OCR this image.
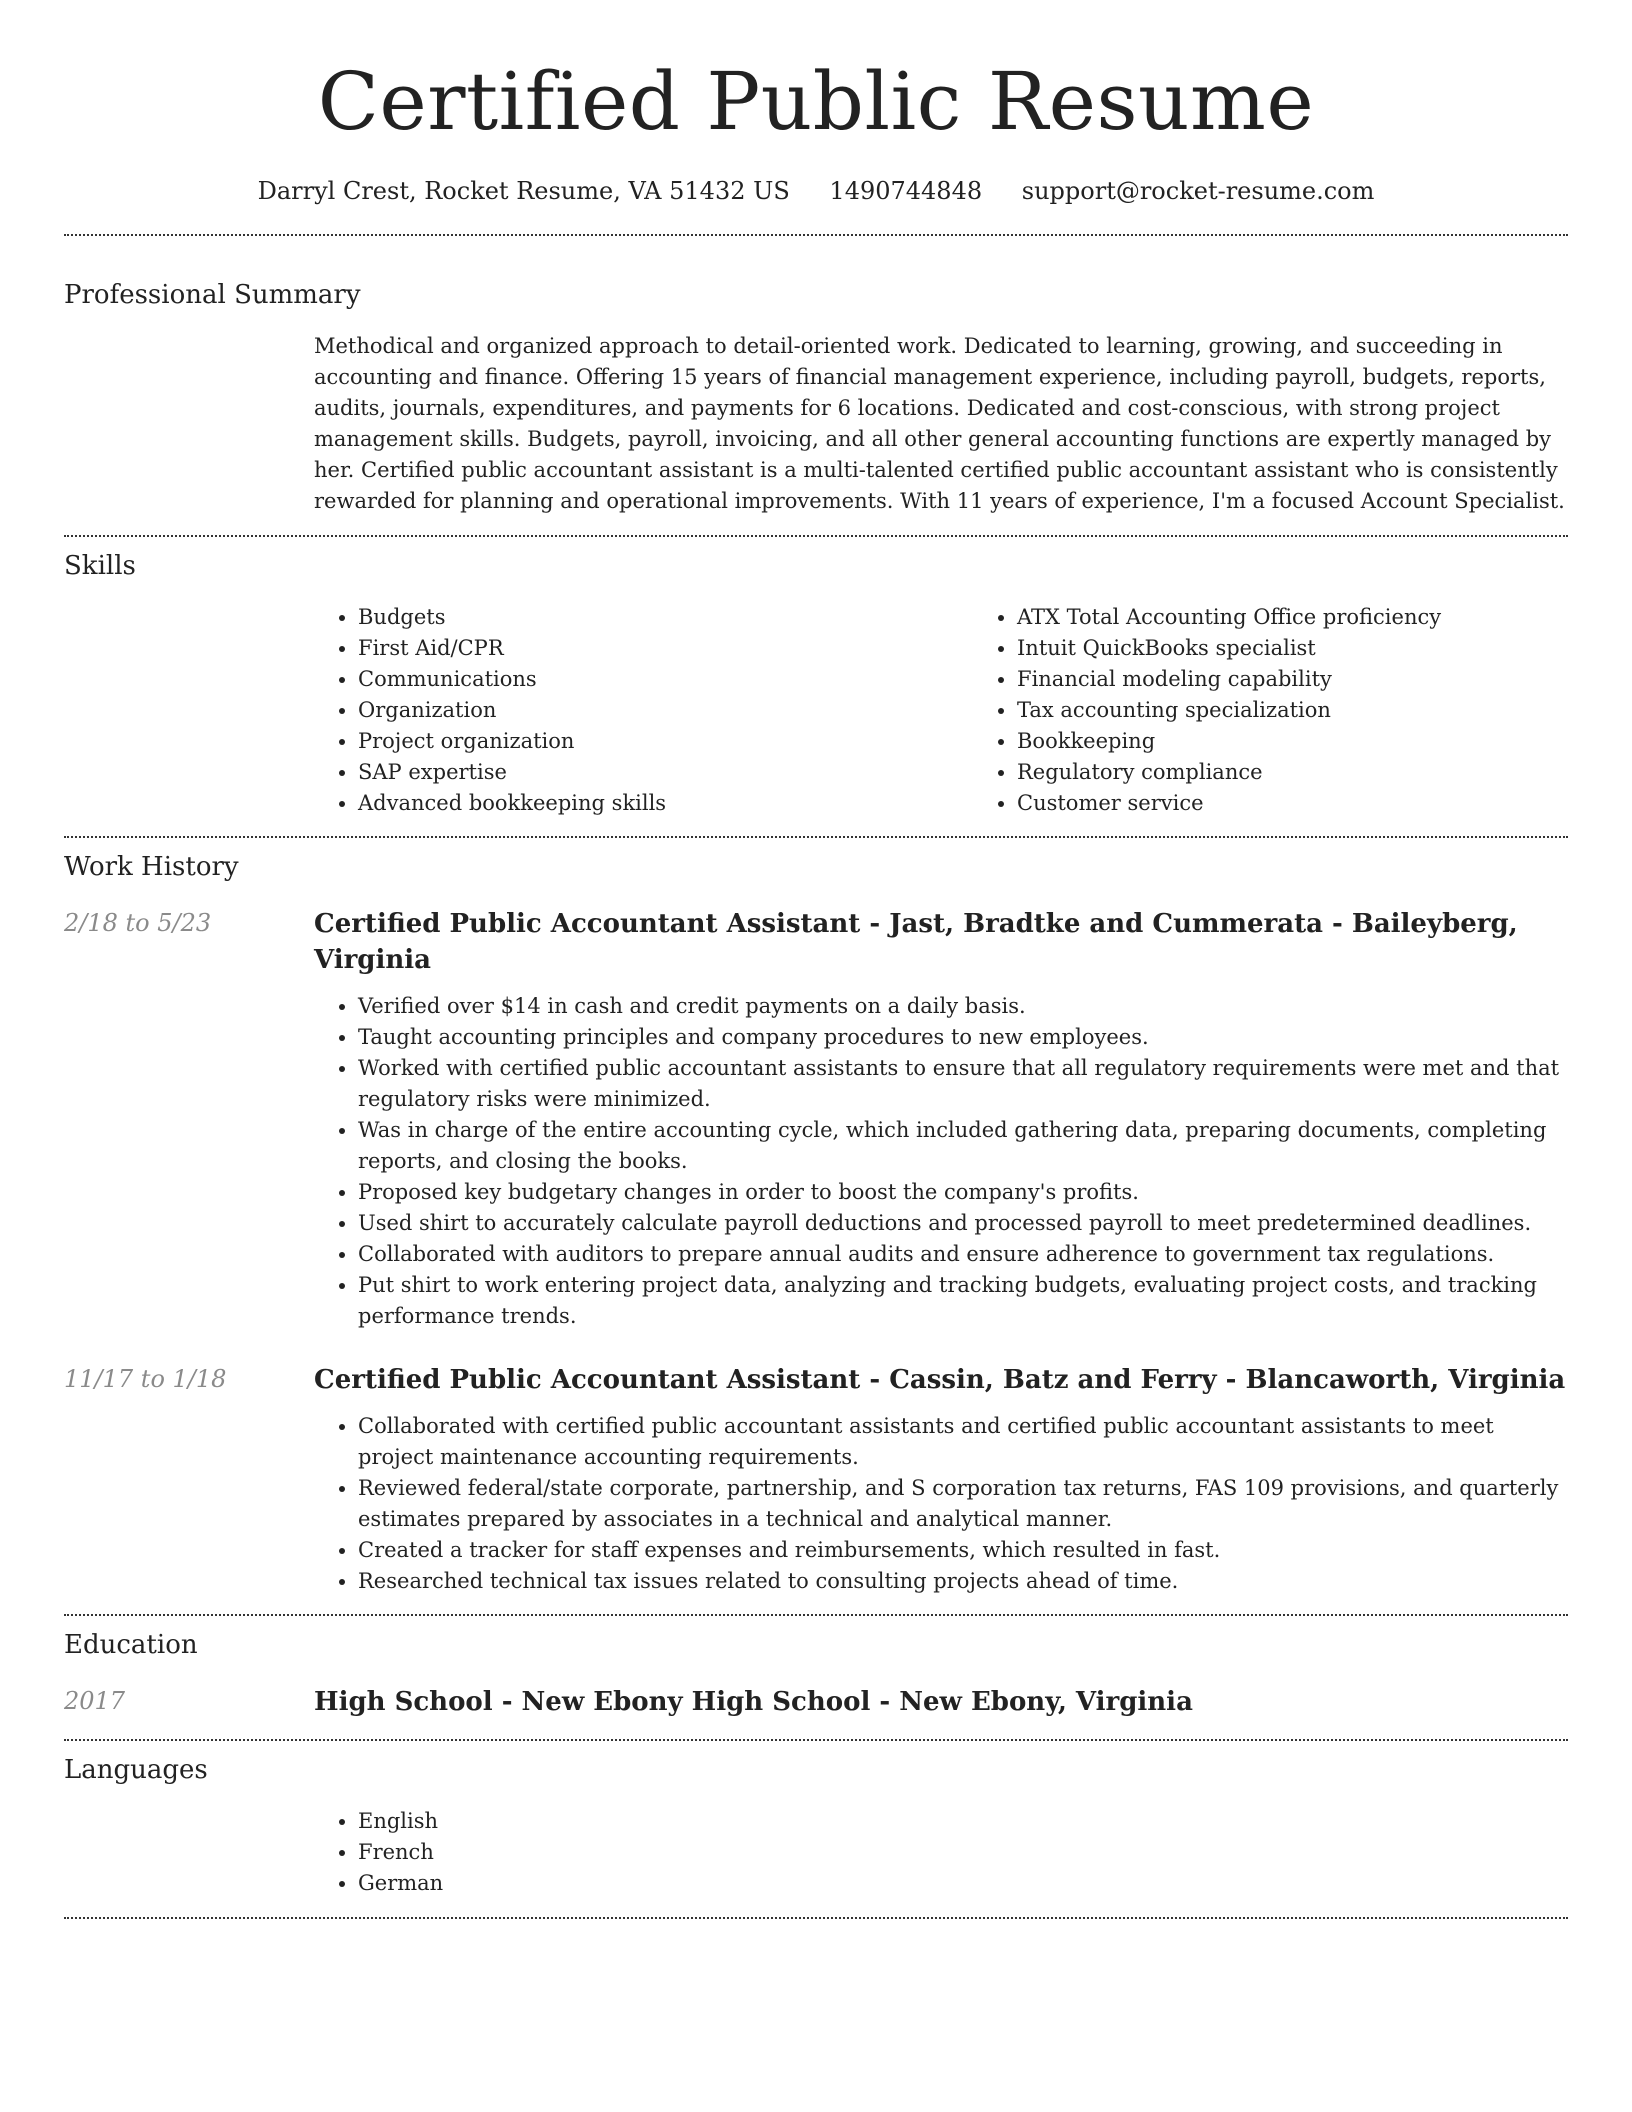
Certified Public Resume
Darryl Crest, Rocket Resume, VA 51432 US 1490744848 support@rocket-resume.com
Professional Summary

Methodical and organized approach to detail-oriented work. Dedicated to learning, growing, and succeeding in accounting and finance. Offering 15 years of financial management experience, including payroll, budgets, reports, audits, journals, expenditures, and payments for 6 locations. Dedicated and cost-conscious, with strong project management skills. Budgets, payroll, invoicing, and all other general accounting functions are expertly managed by her. Certified public accountant assistant is a multi-talented certified public accountant assistant who is consistently rewarded for planning and operational improvements. With 11 years of experience, I'm a focused Account Specialist.

Skills
• Budgets
• First Aid/CPR
• Communications
• Organization
• Project organization
• SAP expertise
• Advanced bookkeeping skills
• ATX Total Accounting Office proficiency
• Intuit QuickBooks specialist
• Financial modeling capability
• Tax accounting specialization
• Bookkeeping
• Regulatory compliance
• Customer service
Work History
2/18 to 5/23	Certified Public Accountant Assistant - Jast, Bradtke and Cummerata - Baileyberg, Virginia
• Verified over $14 in cash and credit payments on a daily basis.
• Taught accounting principles and company procedures to new employees.
• Worked with certified public accountant assistants to ensure that all regulatory requirements were met and that regulatory risks were minimized.
• Was in charge of the entire accounting cycle, which included gathering data, preparing documents, completing reports, and closing the books.
• Proposed key budgetary changes in order to boost the company's profits.
• Used shirt to accurately calculate payroll deductions and processed payroll to meet predetermined deadlines.
• Collaborated with auditors to prepare annual audits and ensure adherence to government tax regulations.
• Put shirt to work entering project data, analyzing and tracking budgets, evaluating project costs, and tracking performance trends.
11/17 to 1/18	Certified Public Accountant Assistant - Cassin, Batz and Ferry - Blancaworth, Virginia
• Collaborated with certified public accountant assistants and certified public accountant assistants to meet project maintenance accounting requirements.
• Reviewed federal/state corporate, partnership, and S corporation tax returns, FAS 109 provisions, and quarterly estimates prepared by associates in a technical and analytical manner.
• Created a tracker for staff expenses and reimbursements, which resulted in fast.
• Researched technical tax issues related to consulting projects ahead of time.
Education
2017	High School - New Ebony High School - New Ebony, Virginia
Languages
• English
• French
• German
